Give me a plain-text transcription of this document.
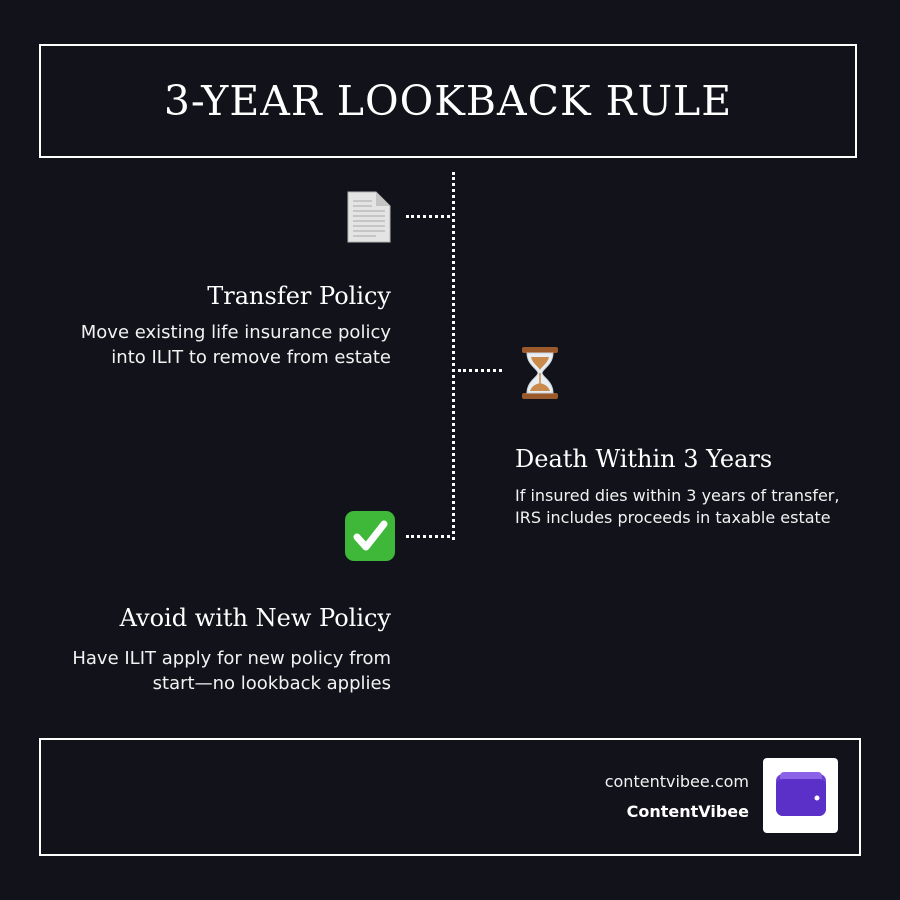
3-YEAR LOOKBACK RULE
Transfer Policy

Move existing life insurance policy
into ILIT to remove from estate

Death Within 3 Years

If insured dies within 3 years of transfer,
IRS includes proceeds in taxable estate

Avoid with New Policy

Have ILIT apply for new policy from
start—no lookback applies

contentvibee.com
ContentVibee
